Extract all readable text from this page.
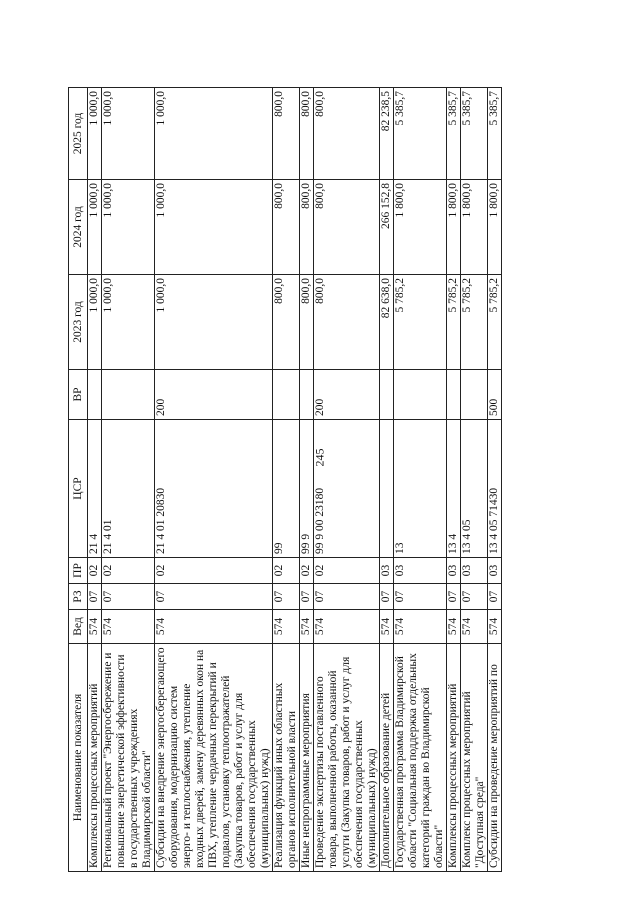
245
Наименование показателя	Вед	РЗ	ПР	ЦСР	ВР	2023 год	2024 год	2025 год
Комплексы процессных мероприятий	574	07	02	21 4		1 000,0	1 000,0	1 000,0
Региональный проект "Энергосбережение и повышение энергетической эффективности в государственных учреждениях Владимирской области"	574	07	02	21 4 01		1 000,0	1 000,0	1 000,0
Субсидии на внедрение энергосберегающего оборудования, модернизацию систем энерго- и теплоснабжения, утепление входных дверей, замену деревянных окон на ПВХ, утепление чердачных перекрытий и подвалов, установку теплоотражателей (Закупка товаров, работ и услуг для обеспечения государственных (муниципальных) нужд)	574	07	02	21 4 01 20830	200	1 000,0	1 000,0	1 000,0
Реализация функций иных областных органов исполнительной власти	574	07	02	99		800,0	800,0	800,0
Иные непрограммные мероприятия	574	07	02	99 9		800,0	800,0	800,0
Проведение экспертизы поставленного товара, выполненной работы, оказанной услуги (Закупка товаров, работ и услуг для обеспечения государственных (муниципальных) нужд)	574	07	02	99 9 00 23180	200	800,0	800,0	800,0
Дополнительное образование детей	574	07	03			82 638,0	266 152,8	82 238,5
Государственная программа Владимирской области "Социальная поддержка отдельных категорий граждан во Владимирской области"	574	07	03	13		5 785,2	1 800,0	5 385,7
Комплексы процессных мероприятий	574	07	03	13 4		5 785,2	1 800,0	5 385,7
Комплекс процессных мероприятий "Доступная среда"	574	07	03	13 4 05		5 785,2	1 800,0	5 385,7
Субсидии на проведение мероприятий по	574	07	03	13 4 05 71430	500	5 785,2	1 800,0	5 385,7
